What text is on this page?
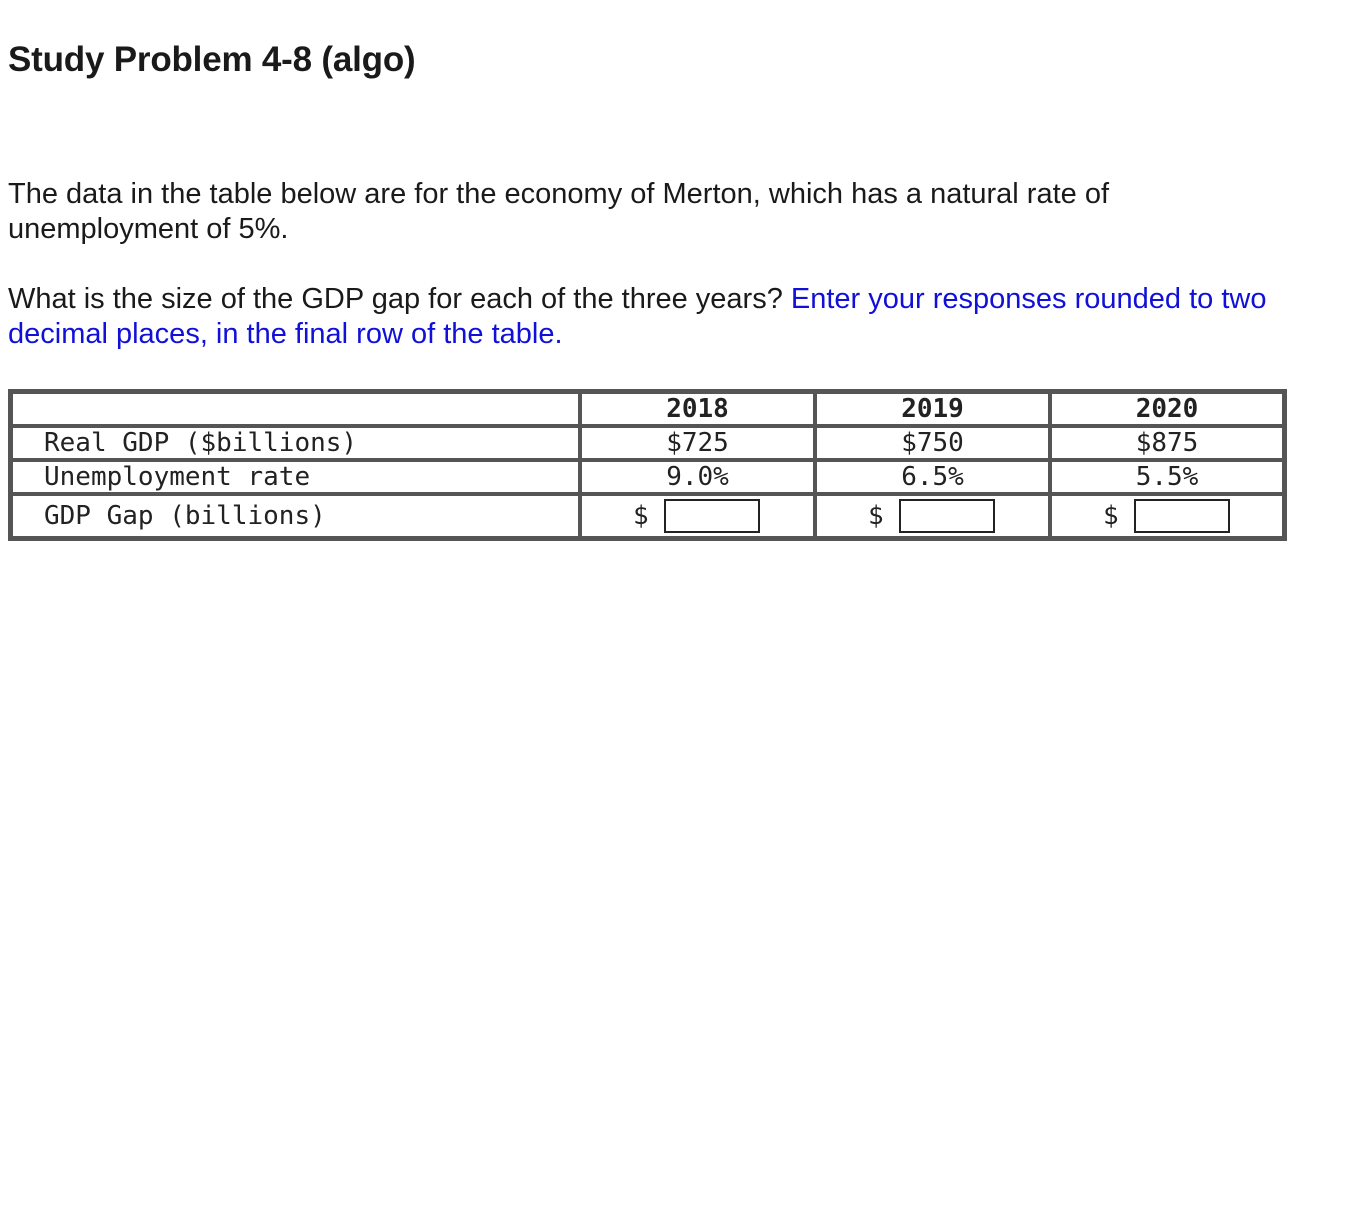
Study Problem 4-8 (algo)

The data in the table below are for the economy of Merton, which has a natural rate of
unemployment of 5%.

What is the size of the GDP gap for each of the three years? Enter your responses rounded to two
decimal places, in the final row of the table.

	2018	2019	2020
Real GDP ($billions)	$725	$750	$875
Unemployment rate	9.0%	6.5%	5.5%
GDP Gap (billions)	$	$	$
